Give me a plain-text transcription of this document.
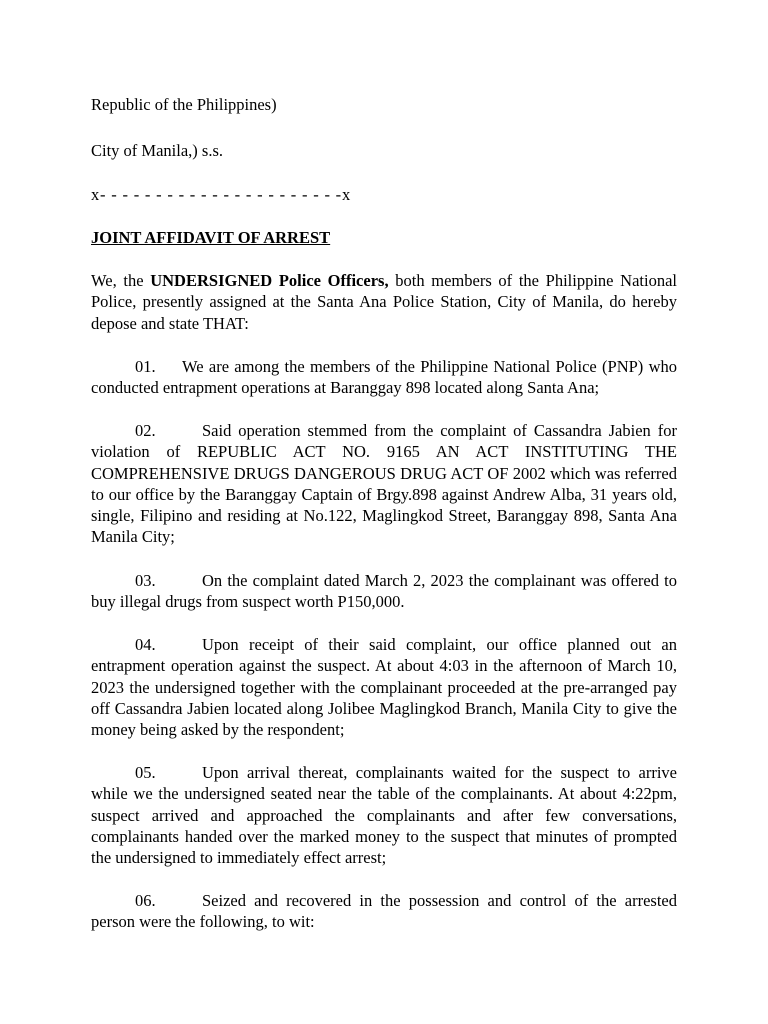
Republic of the Philippines)
City of Manila,) s.s.
x- - - - - - - - - - - - - - - - - - - - - -x
JOINT AFFIDAVIT OF ARREST
We, the UNDERSIGNED Police Officers, both members of the Philippine National Police, presently assigned at the Santa Ana Police Station, City of Manila, do hereby depose and state THAT:
01. We are among the members of the Philippine National Police (PNP) who conducted entrapment operations at Baranggay 898 located along Santa Ana;
02.	Said operation stemmed from the complaint of Cassandra Jabien for violation of REPUBLIC ACT NO. 9165 AN ACT INSTITUTING THE COMPREHENSIVE DRUGS DANGEROUS DRUG ACT OF 2002 which was referred to our office by the Baranggay Captain of Brgy.898 against Andrew Alba, 31 years old, single, Filipino and residing at No.122, Maglingkod Street, Baranggay 898, Santa Ana Manila City;
03.	On the complaint dated March 2, 2023 the complainant was offered to buy illegal drugs from suspect worth P150,000.
04.	Upon receipt of their said complaint, our office planned out an entrapment operation against the suspect. At about 4:03 in the afternoon of March 10, 2023 the undersigned together with the complainant proceeded at the pre-arranged pay off Cassandra Jabien located along Jolibee Maglingkod Branch, Manila City to give the money being asked by the respondent;
05.	Upon arrival thereat, complainants waited for the suspect to arrive while we the undersigned seated near the table of the complainants. At about 4:22pm, suspect arrived and approached the complainants and after few conversations, complainants handed over the marked money to the suspect that minutes of prompted the undersigned to immediately effect arrest;
06.	Seized and recovered in the possession and control of the arrested person were the following, to wit:
